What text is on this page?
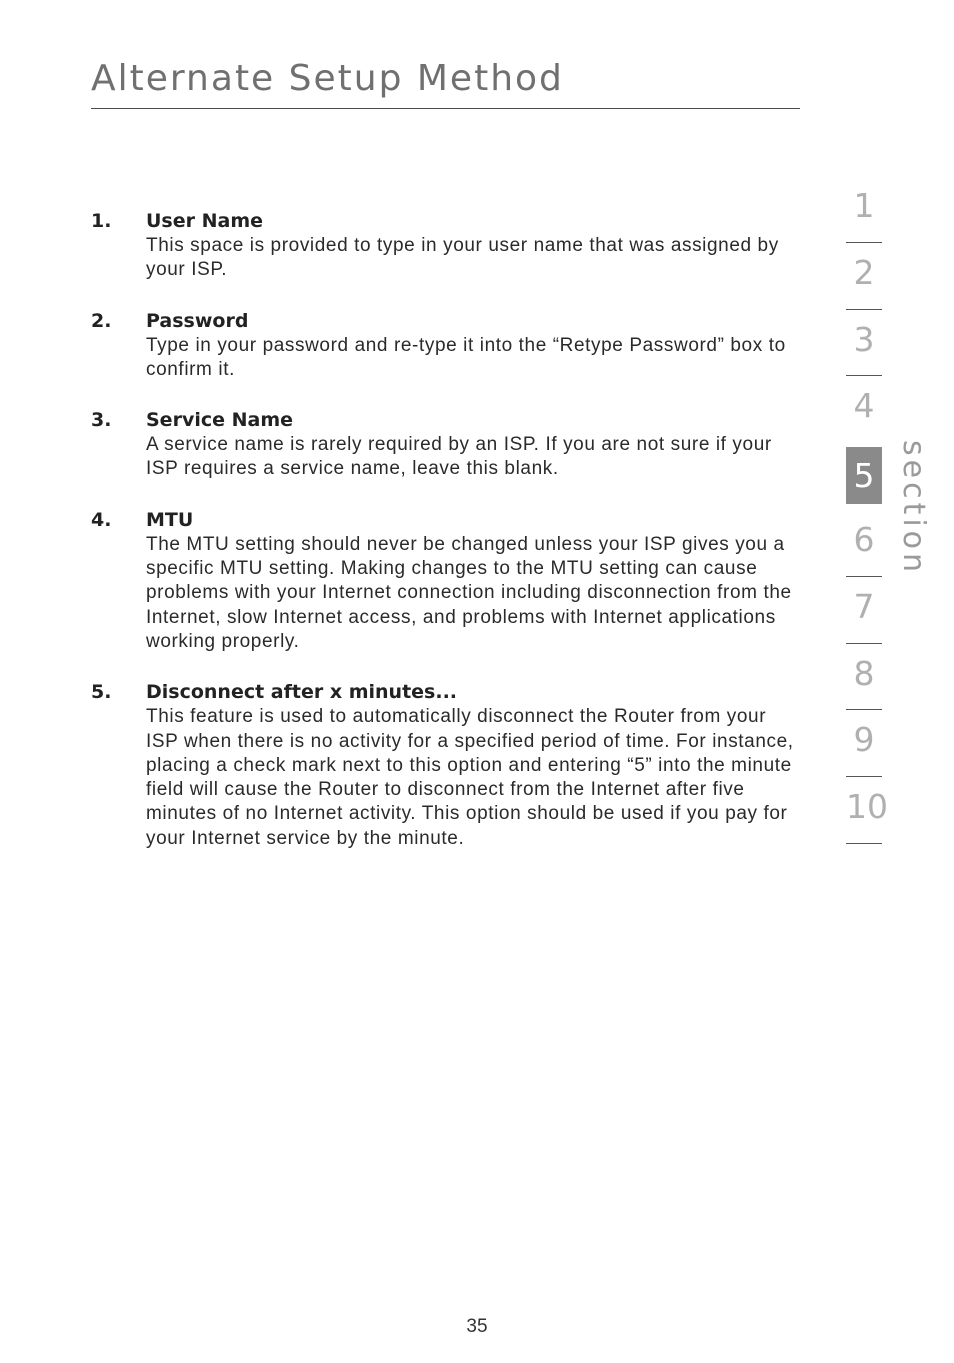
Alternate Setup Method
1. User Name
This space is provided to type in your user name that was assigned by your ISP.
2. Password
Type in your password and re-type it into the “Retype Password” box to confirm it.
3. Service Name
A service name is rarely required by an ISP. If you are not sure if your ISP requires a service name, leave this blank.
4. MTU
The MTU setting should never be changed unless your ISP gives you a specific MTU setting. Making changes to the MTU setting can cause problems with your Internet connection including disconnection from the Internet, slow Internet access, and problems with Internet applications working properly.
5. Disconnect after x minutes...
This feature is used to automatically disconnect the Router from your ISP when there is no activity for a specified period of time. For instance, placing a check mark next to this option and entering “5” into the minute field will cause the Router to disconnect from the Internet after five minutes of no Internet activity. This option should be used if you pay for your Internet service by the minute.
1
2
3
4
5
6
7
8
9
10
section
35
